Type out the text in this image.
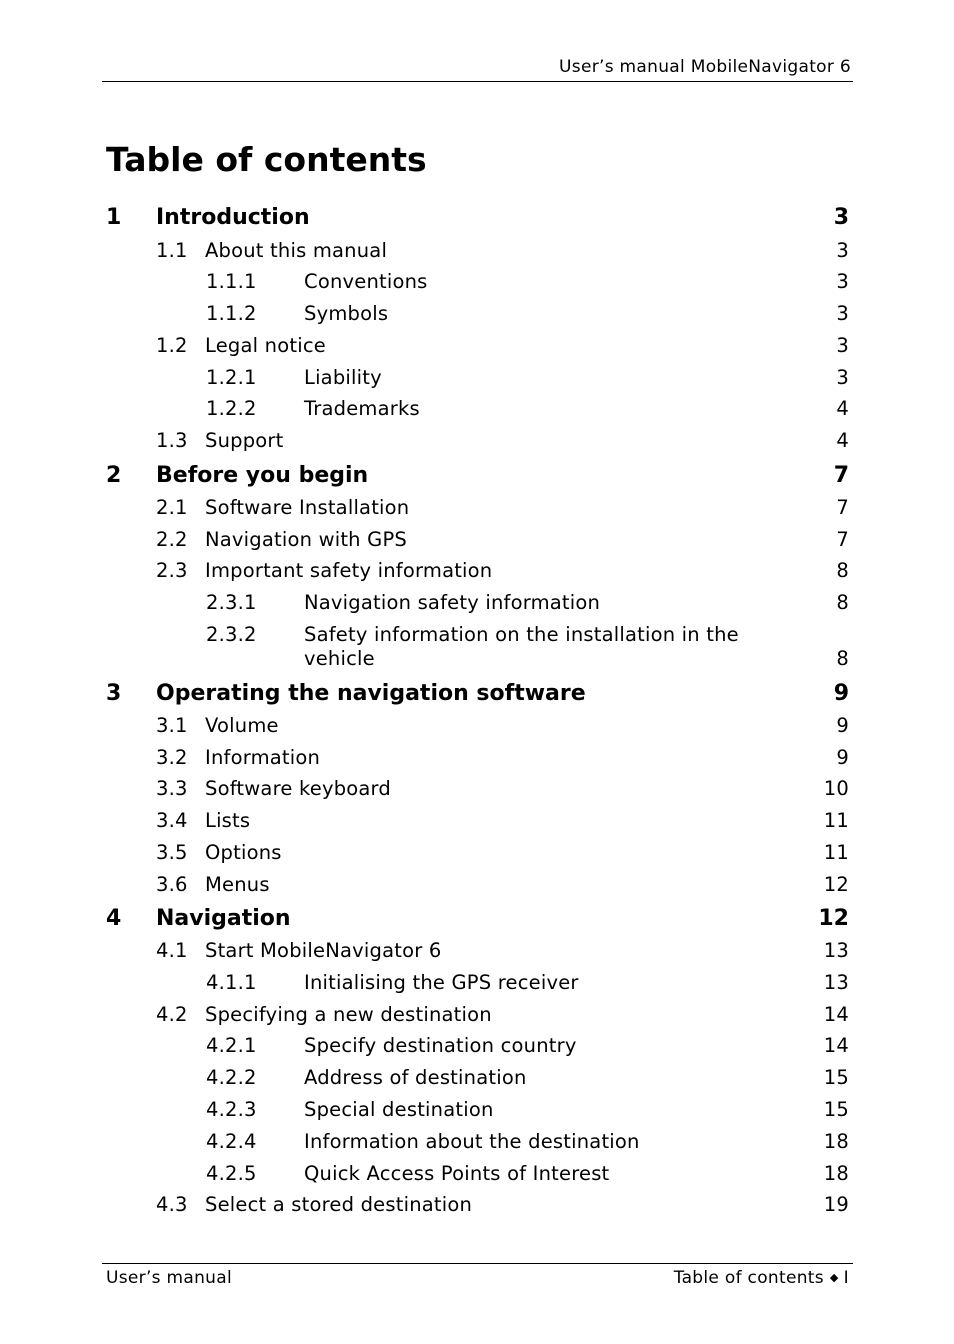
User’s manual MobileNavigator 6
Table of contents
1 Introduction	3
1.1 About this manual	3
1.1.1 Conventions	3
1.1.2 Symbols	3
1.2 Legal notice	3
1.2.1 Liability	3
1.2.2 Trademarks	4
1.3 Support	4
2 Before you begin	7
2.1 Software Installation	7
2.2 Navigation with GPS	7
2.3 Important safety information	8
2.3.1 Navigation safety information	8
2.3.2 Safety information on the installation in the vehicle	8
3 Operating the navigation software	9
3.1 Volume	9
3.2 Information	9
3.3 Software keyboard	10
3.4 Lists	11
3.5 Options	11
3.6 Menus	12
4 Navigation	12
4.1 Start MobileNavigator 6	13
4.1.1 Initialising the GPS receiver	13
4.2 Specifying a new destination	14
4.2.1 Specify destination country	14
4.2.2 Address of destination	15
4.2.3 Special destination	15
4.2.4 Information about the destination	18
4.2.5 Quick Access Points of Interest	18
4.3 Select a stored destination	19
User’s manual	Table of contents ◆ I
